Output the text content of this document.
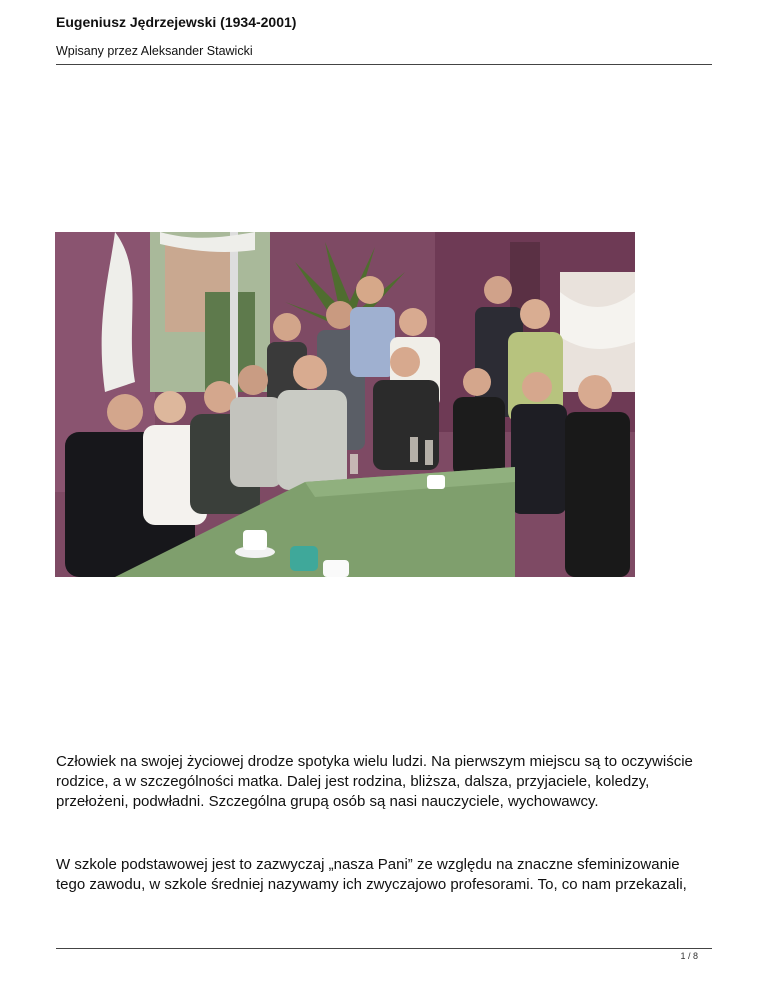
Eugeniusz Jędrzejewski (1934-2001)
Wpisany przez Aleksander Stawicki

Człowiek na swojej życiowej drodze spotyka wielu ludzi. Na pierwszym miejscu są to oczywiście rodzice, a w szczególności matka. Dalej jest rodzina, bliższa, dalsza, przyjaciele, koledzy, przełożeni, podwładni. Szczególna grupą osób są nasi nauczyciele, wychowawcy.

W szkole podstawowej jest to zazwyczaj „nasza Pani” ze względu na znaczne sfeminizowanie tego zawodu, w szkole średniej nazywamy ich zwyczajowo profesorami. To, co nam przekazali,

1 / 8
